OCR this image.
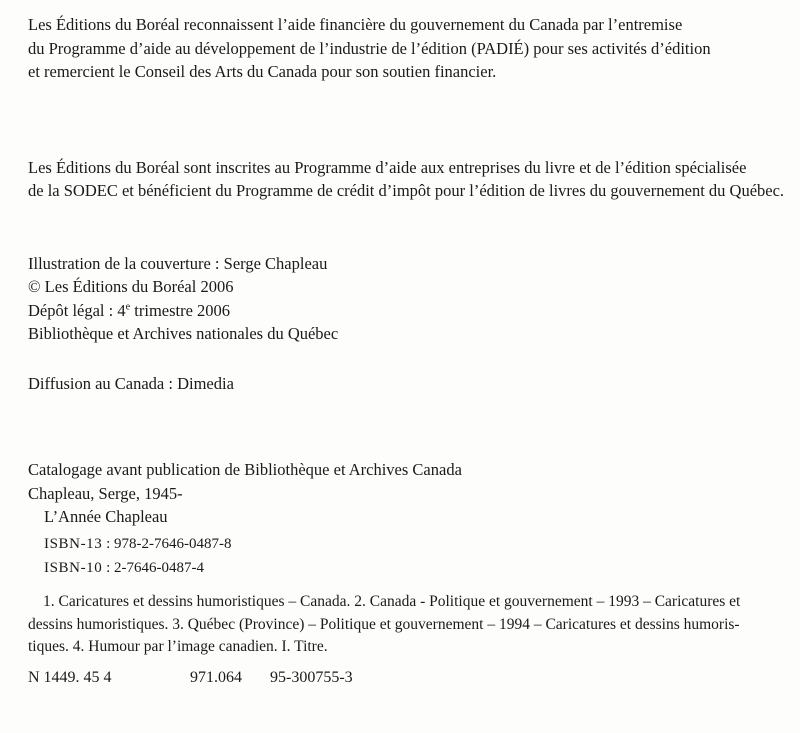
Les Éditions du Boréal reconnaissent l’aide financière du gouvernement du Canada par l’entremise
du Programme d’aide au développement de l’industrie de l’édition (PADIÉ) pour ses activités d’édition
et remercient le Conseil des Arts du Canada pour son soutien financier.

Les Éditions du Boréal sont inscrites au Programme d’aide aux entreprises du livre et de l’édition spécialisée
de la SODEC et bénéficient du Programme de crédit d’impôt pour l’édition de livres du gouvernement du Québec.

Illustration de la couverture : Serge Chapleau

© Les Éditions du Boréal 2006
Dépôt légal : 4e trimestre 2006
Bibliothèque et Archives nationales du Québec

Diffusion au Canada : Dimedia

Catalogage avant publication de Bibliothèque et Archives Canada

Chapleau, Serge, 1945-
L’Année Chapleau
ISBN-13 : 978-2-7646-0487-8
ISBN-10 : 2-7646-0487-4

1. Caricatures et dessins humoristiques – Canada. 2. Canada - Politique et gouvernement – 1993 – Caricatures et
dessins humoristiques. 3. Québec (Province) – Politique et gouvernement – 1994 – Caricatures et dessins humoris-
tiques. 4. Humour par l’image canadien. I. Titre.

N 1449. 45 4	971.064 95-300755-3
